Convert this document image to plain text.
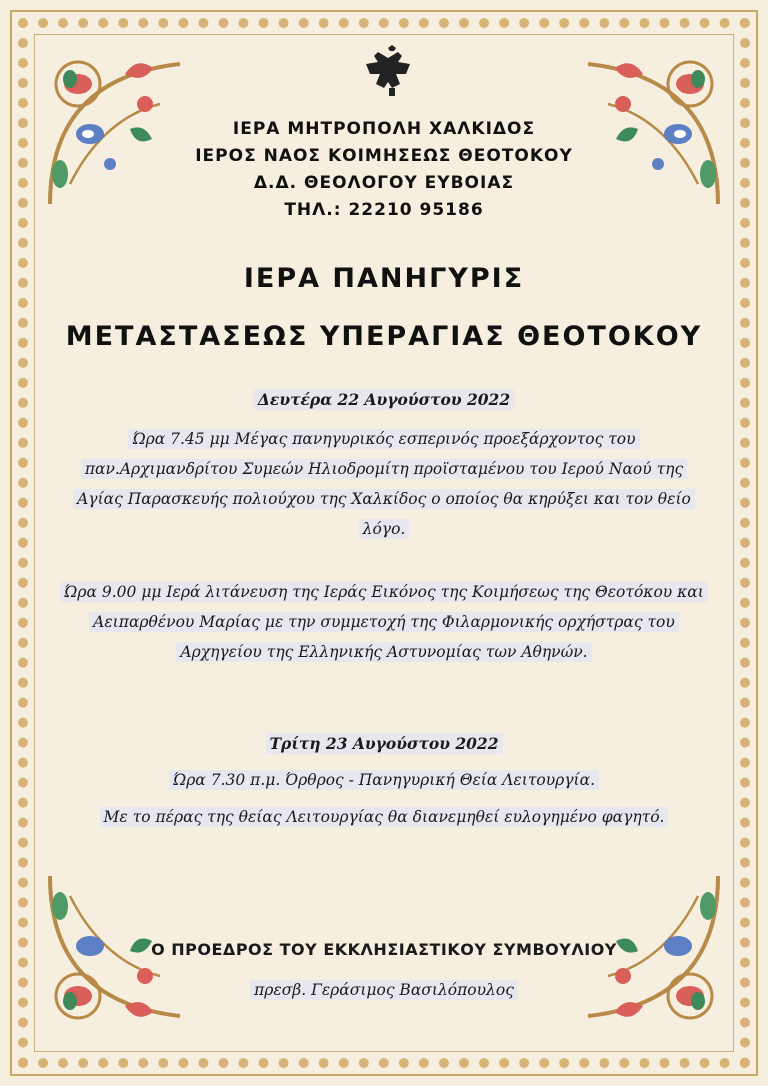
ΙΕΡΑ ΜΗΤΡΟΠΟΛΗ ΧΑΛΚΙΔΟΣ
ΙΕΡΟΣ ΝΑΟΣ ΚΟΙΜΗΣΕΩΣ ΘΕΟΤΟΚΟΥ
Δ.Δ. ΘΕΟΛΟΓΟΥ ΕΥΒΟΙΑΣ
ΤΗΛ.: 22210 95186
ΙΕΡΑ ΠΑΝΗΓΥΡΙΣ
ΜΕΤΑΣΤΑΣΕΩΣ ΥΠΕΡΑΓΙΑΣ ΘΕΟΤΟΚΟΥ
Δευτέρα 22 Αυγούστου 2022
Ώρα 7.45 μμ Μέγας πανηγυρικός εσπερινός προεξάρχοντος του παν.Αρχιμανδρίτου Συμεών Ηλιοδρομίτη προϊσταμένου του Ιερού Ναού της Αγίας Παρασκευής πολιούχου της Χαλκίδος ο οποίος θα κηρύξει και τον θείο λόγο.
Ώρα 9.00 μμ Ιερά λιτάνευση της Ιεράς Εικόνος της Κοιμήσεως της Θεοτόκου και Αειπαρθένου Μαρίας με την συμμετοχή της Φιλαρμονικής ορχήστρας του Αρχηγείου της Ελληνικής Αστυνομίας των Αθηνών.
Τρίτη 23 Αυγούστου 2022
Ώρα 7.30 π.μ. Όρθρος - Πανηγυρική Θεία Λειτουργία.
Με το πέρας της θείας Λειτουργίας θα διανεμηθεί ευλογημένο φαγητό.
Ο ΠΡΟΕΔΡΟΣ ΤΟΥ ΕΚΚΛΗΣΙΑΣΤΙΚΟΥ ΣΥΜΒΟΥΛΙΟΥ
πρεσβ. Γεράσιμος Βασιλόπουλος
